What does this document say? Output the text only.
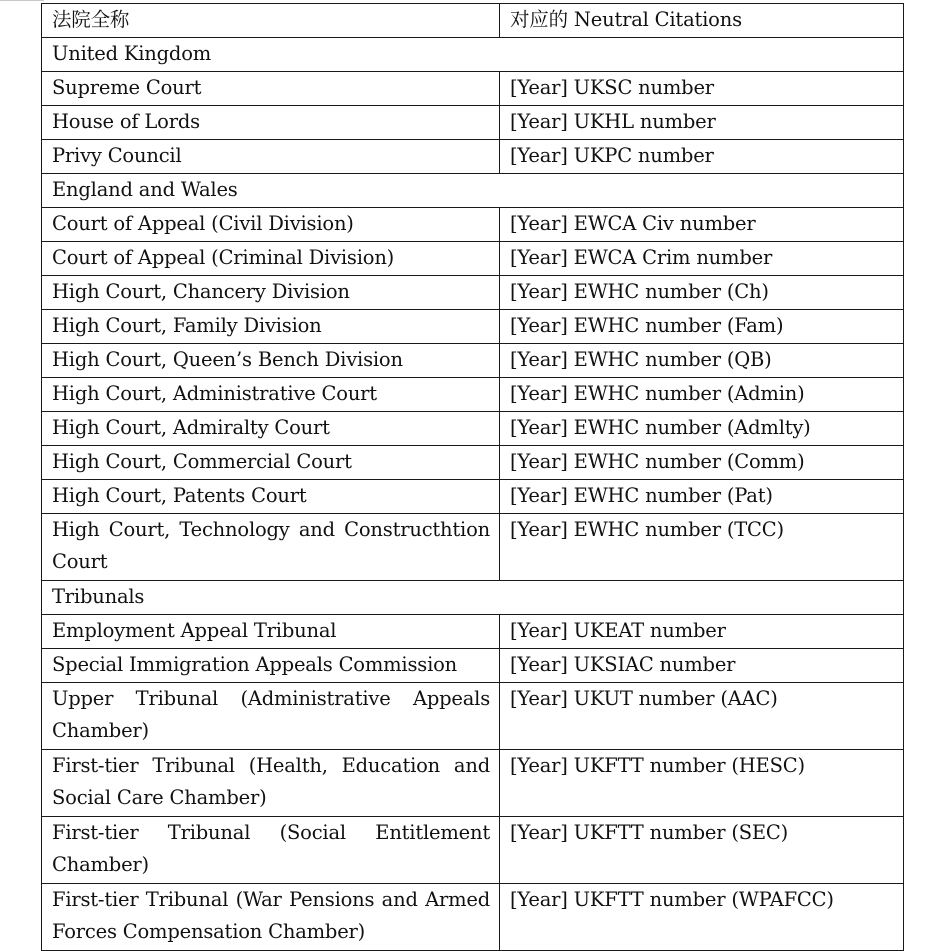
法院全称	对应的 Neutral Citations
United Kingdom	
Supreme Court	[Year] UKSC number
House of Lords	[Year] UKHL number
Privy Council	[Year] UKPC number
England and Wales	
Court of Appeal (Civil Division)	[Year] EWCA Civ number
Court of Appeal (Criminal Division)	[Year] EWCA Crim number
High Court, Chancery Division	[Year] EWHC number (Ch)
High Court, Family Division	[Year] EWHC number (Fam)
High Court, Queen’s Bench Division	[Year] EWHC number (QB)
High Court, Administrative Court	[Year] EWHC number (Admin)
High Court, Admiralty Court	[Year] EWHC number (Admlty)
High Court, Commercial Court	[Year] EWHC number (Comm)
High Court, Patents Court	[Year] EWHC number (Pat)
High Court, Technology and Constructhtion Court	[Year] EWHC number (TCC)
Tribunals	
Employment Appeal Tribunal	[Year] UKEAT number
Special Immigration Appeals Commission	[Year] UKSIAC number
Upper Tribunal (Administrative Appeals Chamber)	[Year] UKUT number (AAC)
First-tier Tribunal (Health, Education and Social Care Chamber)	[Year] UKFTT number (HESC)
First-tier Tribunal (Social Entitlement Chamber)	[Year] UKFTT number (SEC)
First-tier Tribunal (War Pensions and Armed Forces Compensation Chamber)	[Year] UKFTT number (WPAFCC)
